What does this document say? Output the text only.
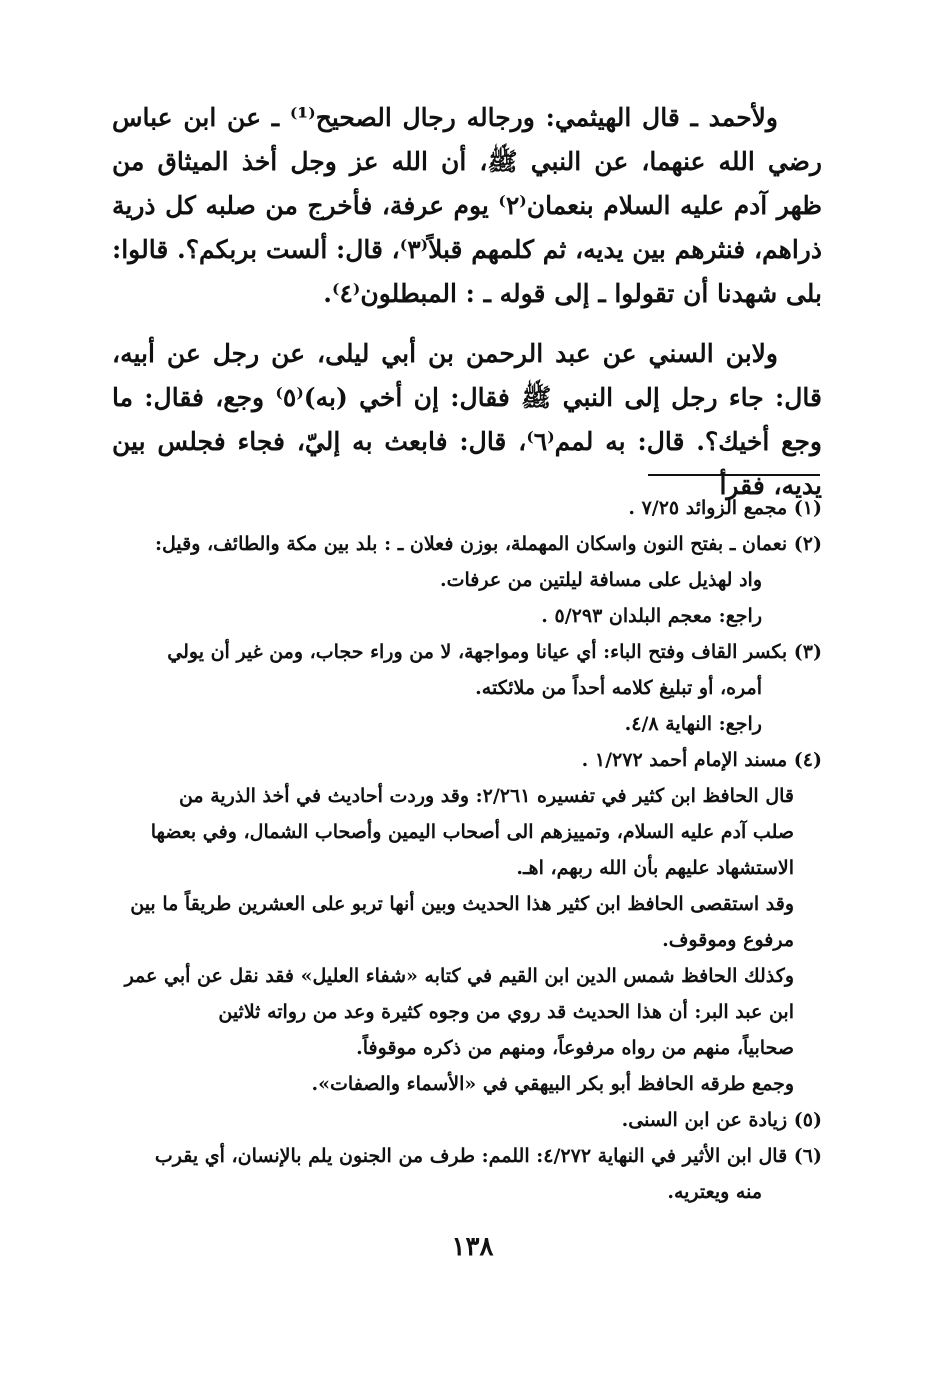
ولأحمد ـ قال الهيثمي: ورجاله رجال الصحيح⁽¹⁾ ـ عن ابن عباس رضي الله عنهما، عن النبي ﷺ، أن الله عز وجل أخذ الميثاق من ظهر آدم عليه السلام بنعمان⁽٢⁾ يوم عرفة، فأخرج من صلبه كل ذرية ذراهم، فنثرهم بين يديه، ثم كلمهم قبلاً⁽٣⁾، قال: ألست بربكم؟. قالوا: بلى شهدنا أن تقولوا ـ إلى قوله ـ : المبطلون⁽٤⁾.

ولابن السني عن عبد الرحمن بن أبي ليلى، عن رجل عن أبيه، قال: جاء رجل إلى النبي ﷺ فقال: إن أخي (به)⁽٥⁾ وجع، فقال: ما وجع أخيك؟. قال: به لمم⁽٦⁾، قال: فابعث به إليّ، فجاء فجلس بين يديه، فقرأ

(١) مجمع الزوائد ٧/٢٥ .
(٢) نعمان ـ بفتح النون واسكان المهملة، بوزن فعلان ـ : بلد بين مكة والطائف، وقيل:
واد لهذيل على مسافة ليلتين من عرفات.
راجع: معجم البلدان ٥/٢٩٣ .
(٣) بكسر القاف وفتح الباء: أي عيانا ومواجهة، لا من وراء حجاب، ومن غير أن يولي
أمره، أو تبليغ كلامه أحداً من ملائكته.
راجع: النهاية ٤/٨.
(٤) مسند الإمام أحمد ١/٢٧٢ .
قال الحافظ ابن كثير في تفسيره ٢/٢٦١: وقد وردت أحاديث في أخذ الذرية من
صلب آدم عليه السلام، وتمييزهم الى أصحاب اليمين وأصحاب الشمال، وفي بعضها
الاستشهاد عليهم بأن الله ربهم، اهـ.
وقد استقصى الحافظ ابن كثير هذا الحديث وبين أنها تربو على العشرين طريقاً ما بين
مرفوع وموقوف.
وكذلك الحافظ شمس الدين ابن القيم في كتابه «شفاء العليل» فقد نقل عن أبي عمر
ابن عبد البر: أن هذا الحديث قد روي من وجوه كثيرة وعد من رواته ثلاثين
صحابياً، منهم من رواه مرفوعاً، ومنهم من ذكره موقوفاً.
وجمع طرقه الحافظ أبو بكر البيهقي في «الأسماء والصفات».
(٥) زيادة عن ابن السنى.
(٦) قال ابن الأثير في النهاية ٤/٢٧٢: اللمم: طرف من الجنون يلم بالإنسان، أي يقرب
منه ويعتريه.
١٣٨
